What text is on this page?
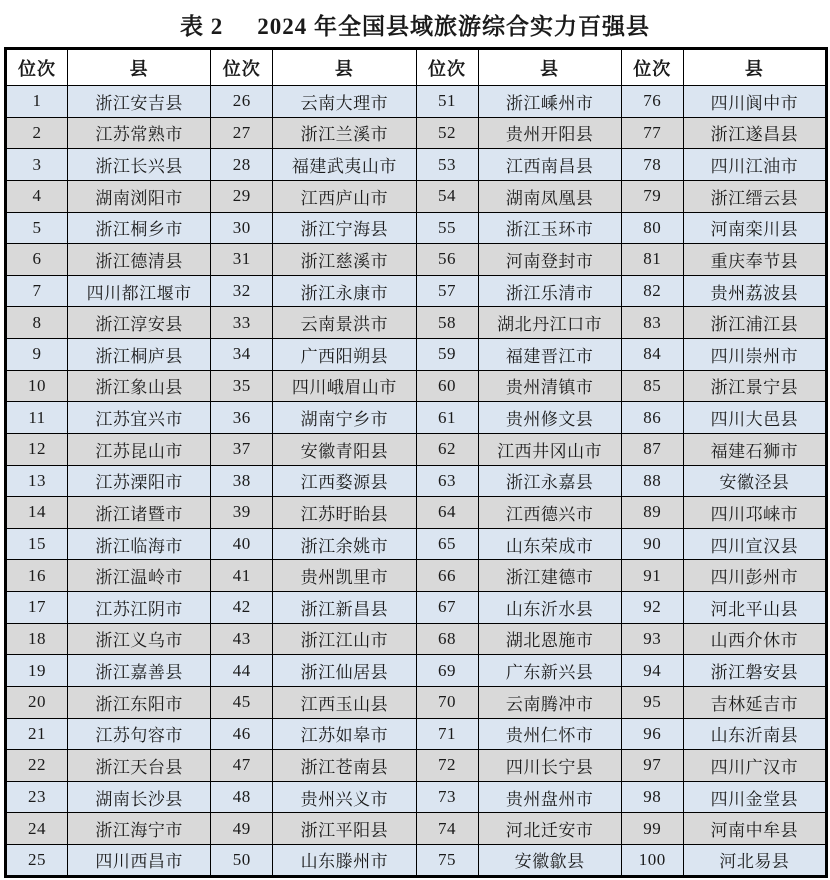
表 2 2024 年全国县域旅游综合实力百强县
位次	县	位次	县	位次	县	位次	县
1	浙江安吉县	26	云南大理市	51	浙江嵊州市	76	四川阆中市
2	江苏常熟市	27	浙江兰溪市	52	贵州开阳县	77	浙江遂昌县
3	浙江长兴县	28	福建武夷山市	53	江西南昌县	78	四川江油市
4	湖南浏阳市	29	江西庐山市	54	湖南凤凰县	79	浙江缙云县
5	浙江桐乡市	30	浙江宁海县	55	浙江玉环市	80	河南栾川县
6	浙江德清县	31	浙江慈溪市	56	河南登封市	81	重庆奉节县
7	四川都江堰市	32	浙江永康市	57	浙江乐清市	82	贵州荔波县
8	浙江淳安县	33	云南景洪市	58	湖北丹江口市	83	浙江浦江县
9	浙江桐庐县	34	广西阳朔县	59	福建晋江市	84	四川崇州市
10	浙江象山县	35	四川峨眉山市	60	贵州清镇市	85	浙江景宁县
11	江苏宜兴市	36	湖南宁乡市	61	贵州修文县	86	四川大邑县
12	江苏昆山市	37	安徽青阳县	62	江西井冈山市	87	福建石狮市
13	江苏溧阳市	38	江西婺源县	63	浙江永嘉县	88	安徽泾县
14	浙江诸暨市	39	江苏盱眙县	64	江西德兴市	89	四川邛崃市
15	浙江临海市	40	浙江余姚市	65	山东荣成市	90	四川宣汉县
16	浙江温岭市	41	贵州凯里市	66	浙江建德市	91	四川彭州市
17	江苏江阴市	42	浙江新昌县	67	山东沂水县	92	河北平山县
18	浙江义乌市	43	浙江江山市	68	湖北恩施市	93	山西介休市
19	浙江嘉善县	44	浙江仙居县	69	广东新兴县	94	浙江磐安县
20	浙江东阳市	45	江西玉山县	70	云南腾冲市	95	吉林延吉市
21	江苏句容市	46	江苏如皋市	71	贵州仁怀市	96	山东沂南县
22	浙江天台县	47	浙江苍南县	72	四川长宁县	97	四川广汉市
23	湖南长沙县	48	贵州兴义市	73	贵州盘州市	98	四川金堂县
24	浙江海宁市	49	浙江平阳县	74	河北迁安市	99	河南中牟县
25	四川西昌市	50	山东滕州市	75	安徽歙县	100	河北易县
